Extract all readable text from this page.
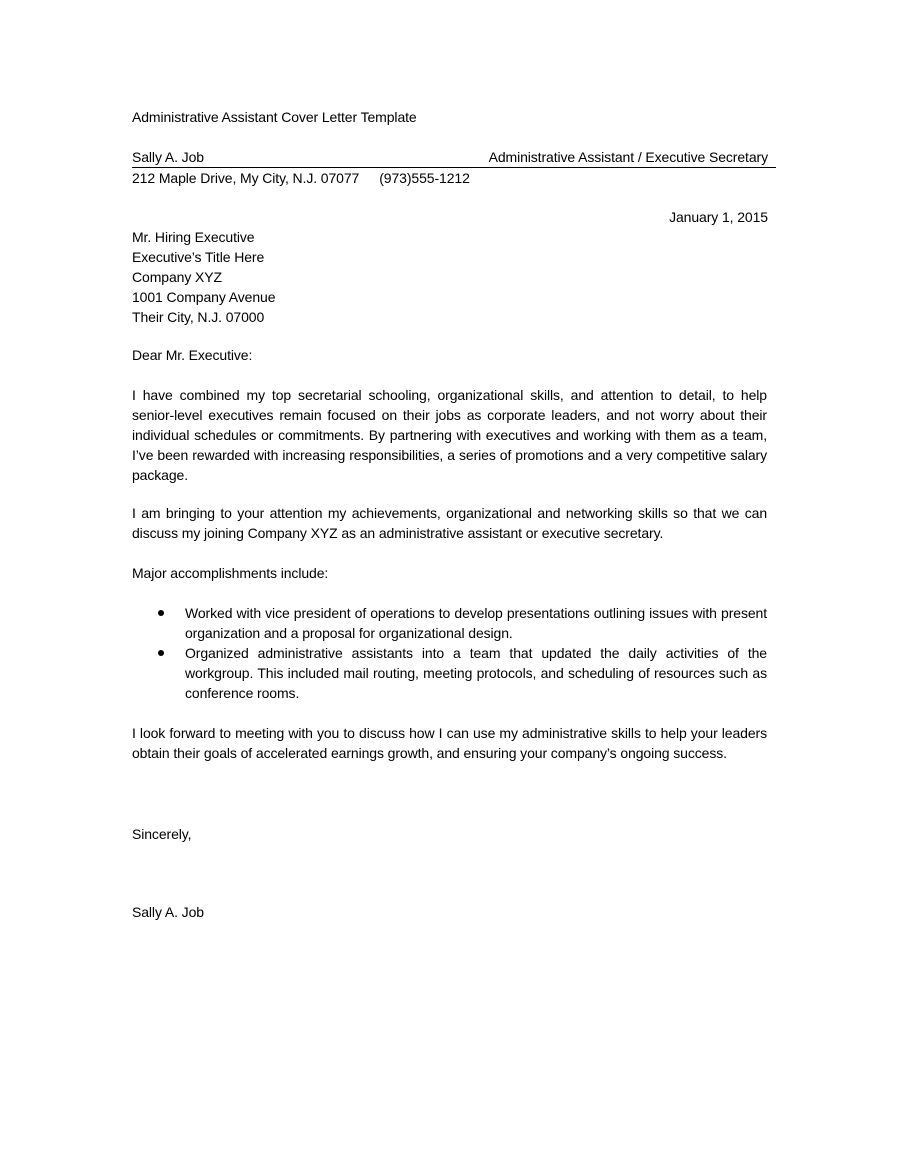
Administrative Assistant Cover Letter Template
Sally A. Job	Administrative Assistant / Executive Secretary
212 Maple Drive, My City, N.J. 07077 (973)555-1212
January 1, 2015
Mr. Hiring Executive
Executive’s Title Here
Company XYZ
1001 Company Avenue
Their City, N.J. 07000
Dear Mr. Executive:
I have combined my top secretarial schooling, organizational skills, and attention to detail, to help senior-level executives remain focused on their jobs as corporate leaders, and not worry about their individual schedules or commitments. By partnering with executives and working with them as a team, I’ve been rewarded with increasing responsibilities, a series of promotions and a very competitive salary package.
I am bringing to your attention my achievements, organizational and networking skills so that we can discuss my joining Company XYZ as an administrative assistant or executive secretary.
Major accomplishments include:
Worked with vice president of operations to develop presentations outlining issues with present organization and a proposal for organizational design.
Organized administrative assistants into a team that updated the daily activities of the workgroup. This included mail routing, meeting protocols, and scheduling of resources such as conference rooms.
I look forward to meeting with you to discuss how I can use my administrative skills to help your leaders obtain their goals of accelerated earnings growth, and ensuring your company’s ongoing success.
Sincerely,
Sally A. Job
